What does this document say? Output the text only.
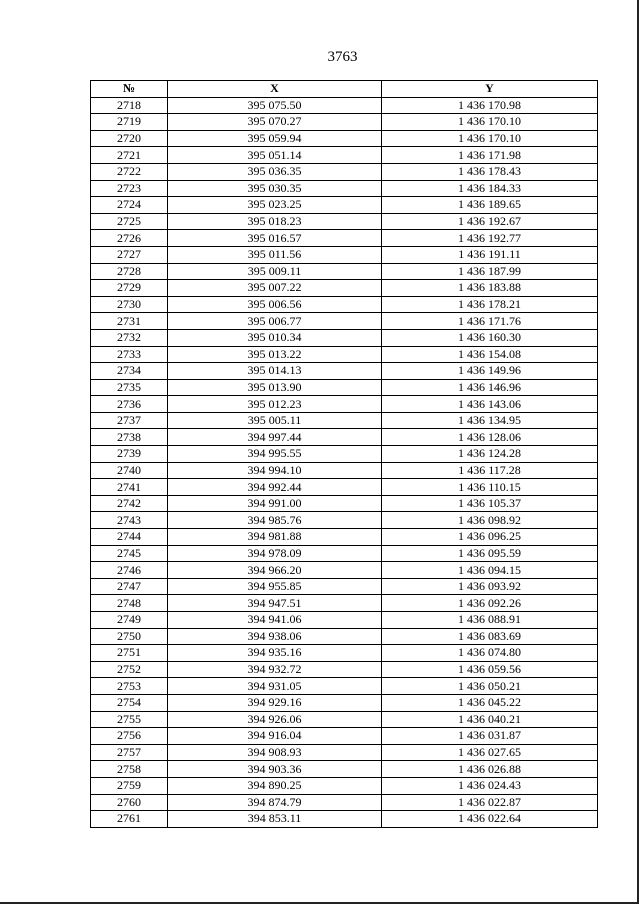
3763
№	X	Y
2718	395 075.50	1 436 170.98
2719	395 070.27	1 436 170.10
2720	395 059.94	1 436 170.10
2721	395 051.14	1 436 171.98
2722	395 036.35	1 436 178.43
2723	395 030.35	1 436 184.33
2724	395 023.25	1 436 189.65
2725	395 018.23	1 436 192.67
2726	395 016.57	1 436 192.77
2727	395 011.56	1 436 191.11
2728	395 009.11	1 436 187.99
2729	395 007.22	1 436 183.88
2730	395 006.56	1 436 178.21
2731	395 006.77	1 436 171.76
2732	395 010.34	1 436 160.30
2733	395 013.22	1 436 154.08
2734	395 014.13	1 436 149.96
2735	395 013.90	1 436 146.96
2736	395 012.23	1 436 143.06
2737	395 005.11	1 436 134.95
2738	394 997.44	1 436 128.06
2739	394 995.55	1 436 124.28
2740	394 994.10	1 436 117.28
2741	394 992.44	1 436 110.15
2742	394 991.00	1 436 105.37
2743	394 985.76	1 436 098.92
2744	394 981.88	1 436 096.25
2745	394 978.09	1 436 095.59
2746	394 966.20	1 436 094.15
2747	394 955.85	1 436 093.92
2748	394 947.51	1 436 092.26
2749	394 941.06	1 436 088.91
2750	394 938.06	1 436 083.69
2751	394 935.16	1 436 074.80
2752	394 932.72	1 436 059.56
2753	394 931.05	1 436 050.21
2754	394 929.16	1 436 045.22
2755	394 926.06	1 436 040.21
2756	394 916.04	1 436 031.87
2757	394 908.93	1 436 027.65
2758	394 903.36	1 436 026.88
2759	394 890.25	1 436 024.43
2760	394 874.79	1 436 022.87
2761	394 853.11	1 436 022.64
